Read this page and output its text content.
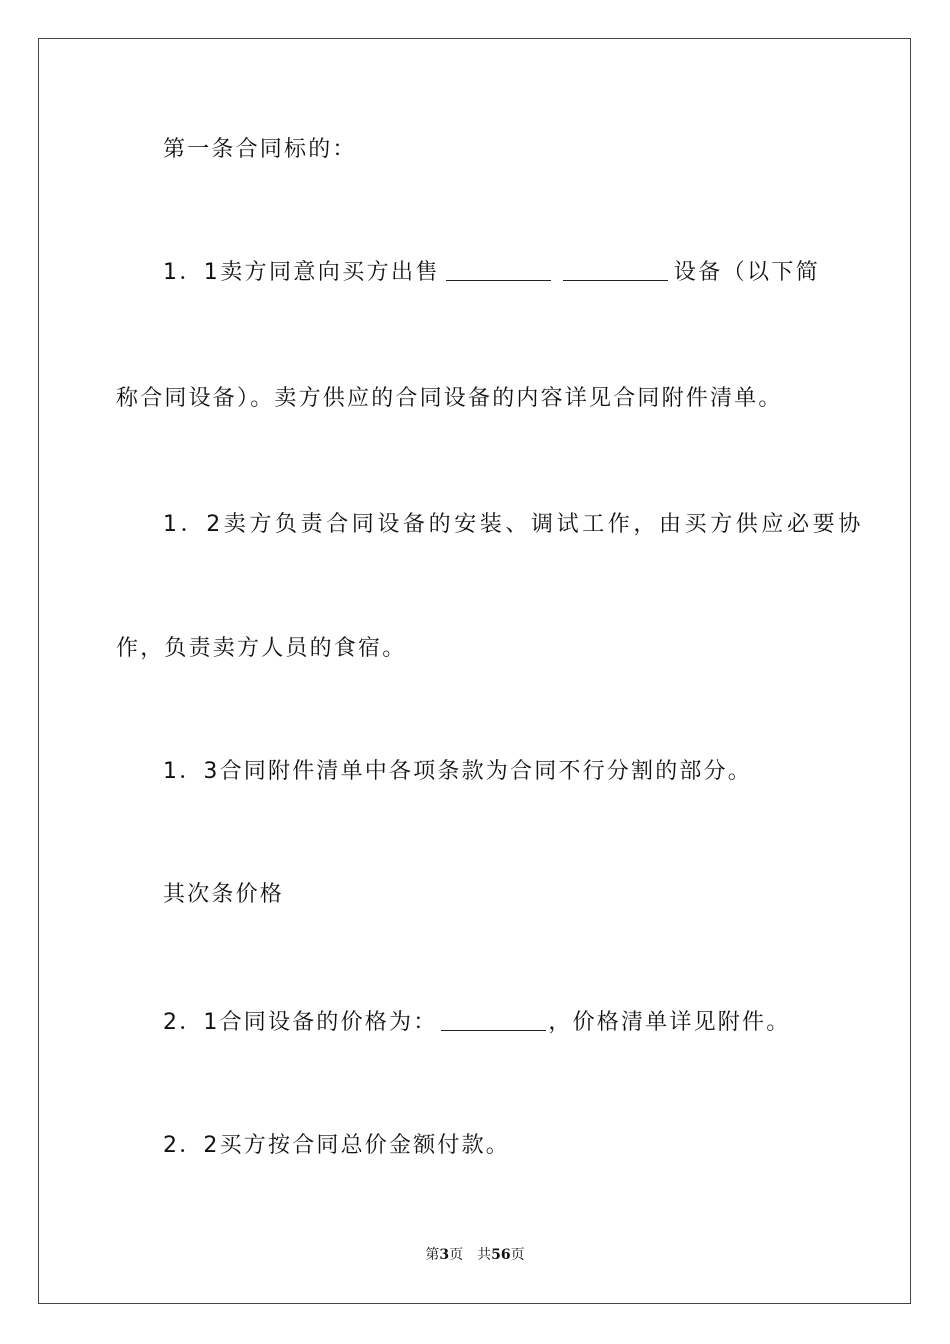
第一条合同标的：
1．1卖方同意向买方出售	设备（以下简
称合同设备）。卖方供应的合同设备的内容详见合同附件清单。
1．2卖方负责合同设备的安装、调试工作，由买方供应必要协
作，负责卖方人员的食宿。
1．3合同附件清单中各项条款为合同不行分割的部分。
其次条价格
2．1合同设备的价格为：	，价格清单详见附件。
2．2买方按合同总价金额付款。
第3页　共56页
